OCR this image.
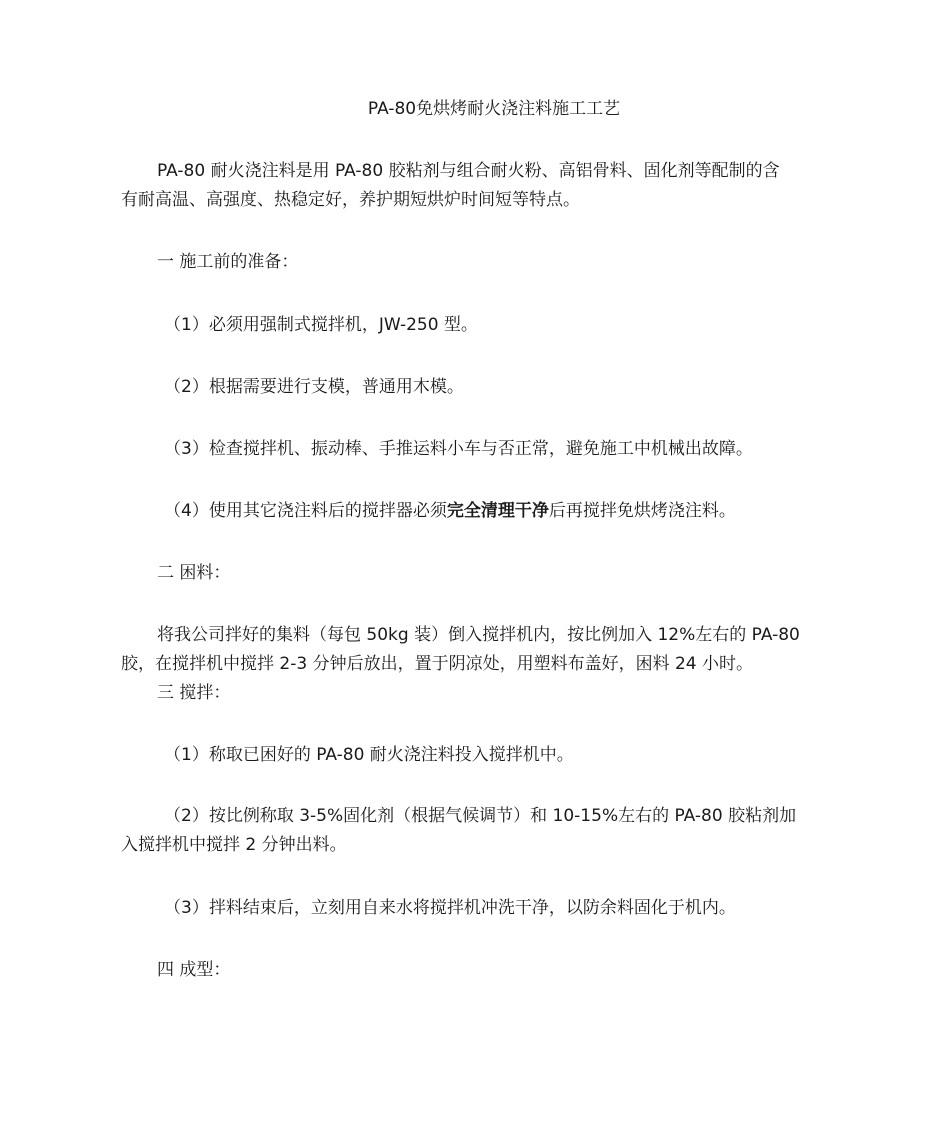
PA-80免烘烤耐火浇注料施工工艺
PA-80 耐火浇注料是用 PA-80 胶粘剂与组合耐火粉、高铝骨料、固化剂等配制的含
有耐高温、高强度、热稳定好，养护期短烘炉时间短等特点。
一 施工前的准备：
（1）必须用强制式搅拌机，JW-250 型。
（2）根据需要进行支模，普通用木模。
（3）检查搅拌机、振动棒、手推运料小车与否正常，避免施工中机械出故障。
（4）使用其它浇注料后的搅拌器必须完全清理干净后再搅拌免烘烤浇注料。
二 困料：
将我公司拌好的集料（每包 50kg 装）倒入搅拌机内，按比例加入 12%左右的 PA-80
胶，在搅拌机中搅拌 2-3 分钟后放出，置于阴凉处，用塑料布盖好，困料 24 小时。
三 搅拌：
（1）称取已困好的 PA-80 耐火浇注料投入搅拌机中。
（2）按比例称取 3-5%固化剂（根据气候调节）和 10-15%左右的 PA-80 胶粘剂加
入搅拌机中搅拌 2 分钟出料。
（3）拌料结束后，立刻用自来水将搅拌机冲洗干净，以防余料固化于机内。
四 成型：
